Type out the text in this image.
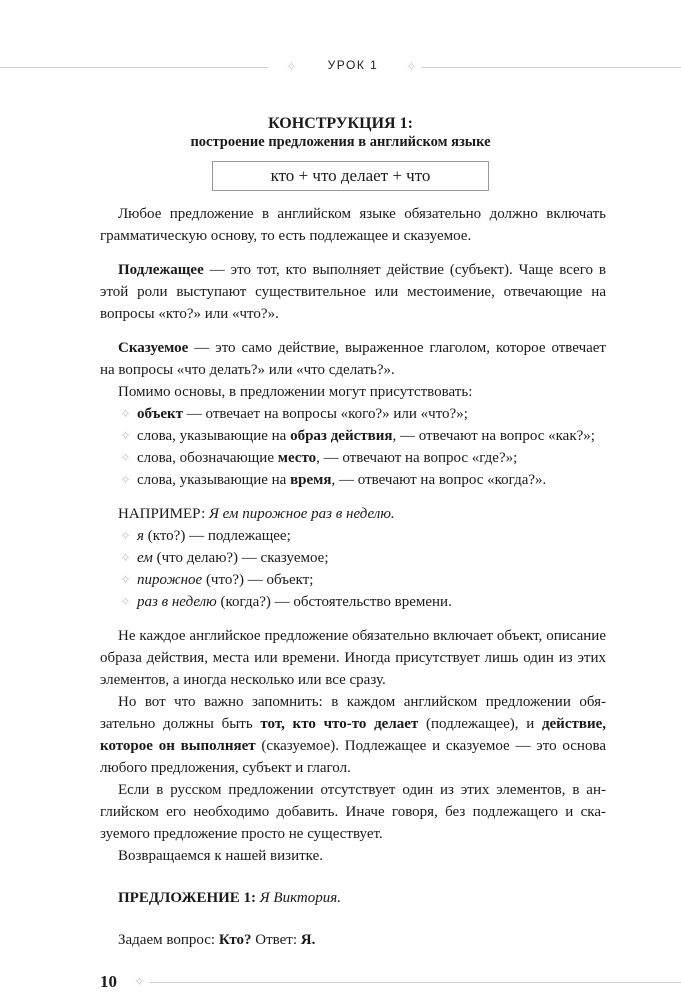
✧	УРОК 1	✧
КОНСТРУКЦИЯ 1:
построение предложения в английском языке
кто + что делает + что

Любое предложение в английском языке обязательно должно включать грамматическую основу, то есть подлежащее и сказуемое.

Подлежащее — это тот, кто выполняет действие (субъект). Чаще всего в этой роли выступают существительное или местоимение, отвечающие на вопросы «кто?» или «что?».

Сказуемое — это само действие, выраженное глаголом, которое отвечает на вопросы «что делать?» или «что сделать?».

Помимо основы, в предложении могут присутствовать:

✧ объект — отвечает на вопросы «кого?» или «что?»;
✧ слова, указывающие на образ действия, — отвечают на вопрос «как?»;
✧ слова, обозначающие место, — отвечают на вопрос «где?»;
✧ слова, указывающие на время, — отвечают на вопрос «когда?».

НАПРИМЕР: Я ем пирожное раз в неделю.

✧ я (кто?) — подлежащее;
✧ ем (что делаю?) — сказуемое;
✧ пирожное (что?) — объект;
✧ раз в неделю (когда?) — обстоятельство времени.

Не каждое английское предложение обязательно включает объект, описание образа действия, места или времени. Иногда присутствует лишь один из этих элементов, а иногда несколько или все сразу.

Но вот что важно запомнить: в каждом английском предложении обязательно должны быть тот, кто что-то делает (подлежащее), и действие, которое он выполняет (сказуемое). Подлежащее и сказуемое — это основа любого предложения, субъект и глагол.

Если в русском предложении отсутствует один из этих элементов, в английском его необходимо добавить. Иначе говоря, без подлежащего и сказуемого предложение просто не существует.

Возвращаемся к нашей визитке.

ПРЕДЛОЖЕНИЕ 1: Я Виктория.

Задаем вопрос: Кто? Ответ: Я.

10 ✧
